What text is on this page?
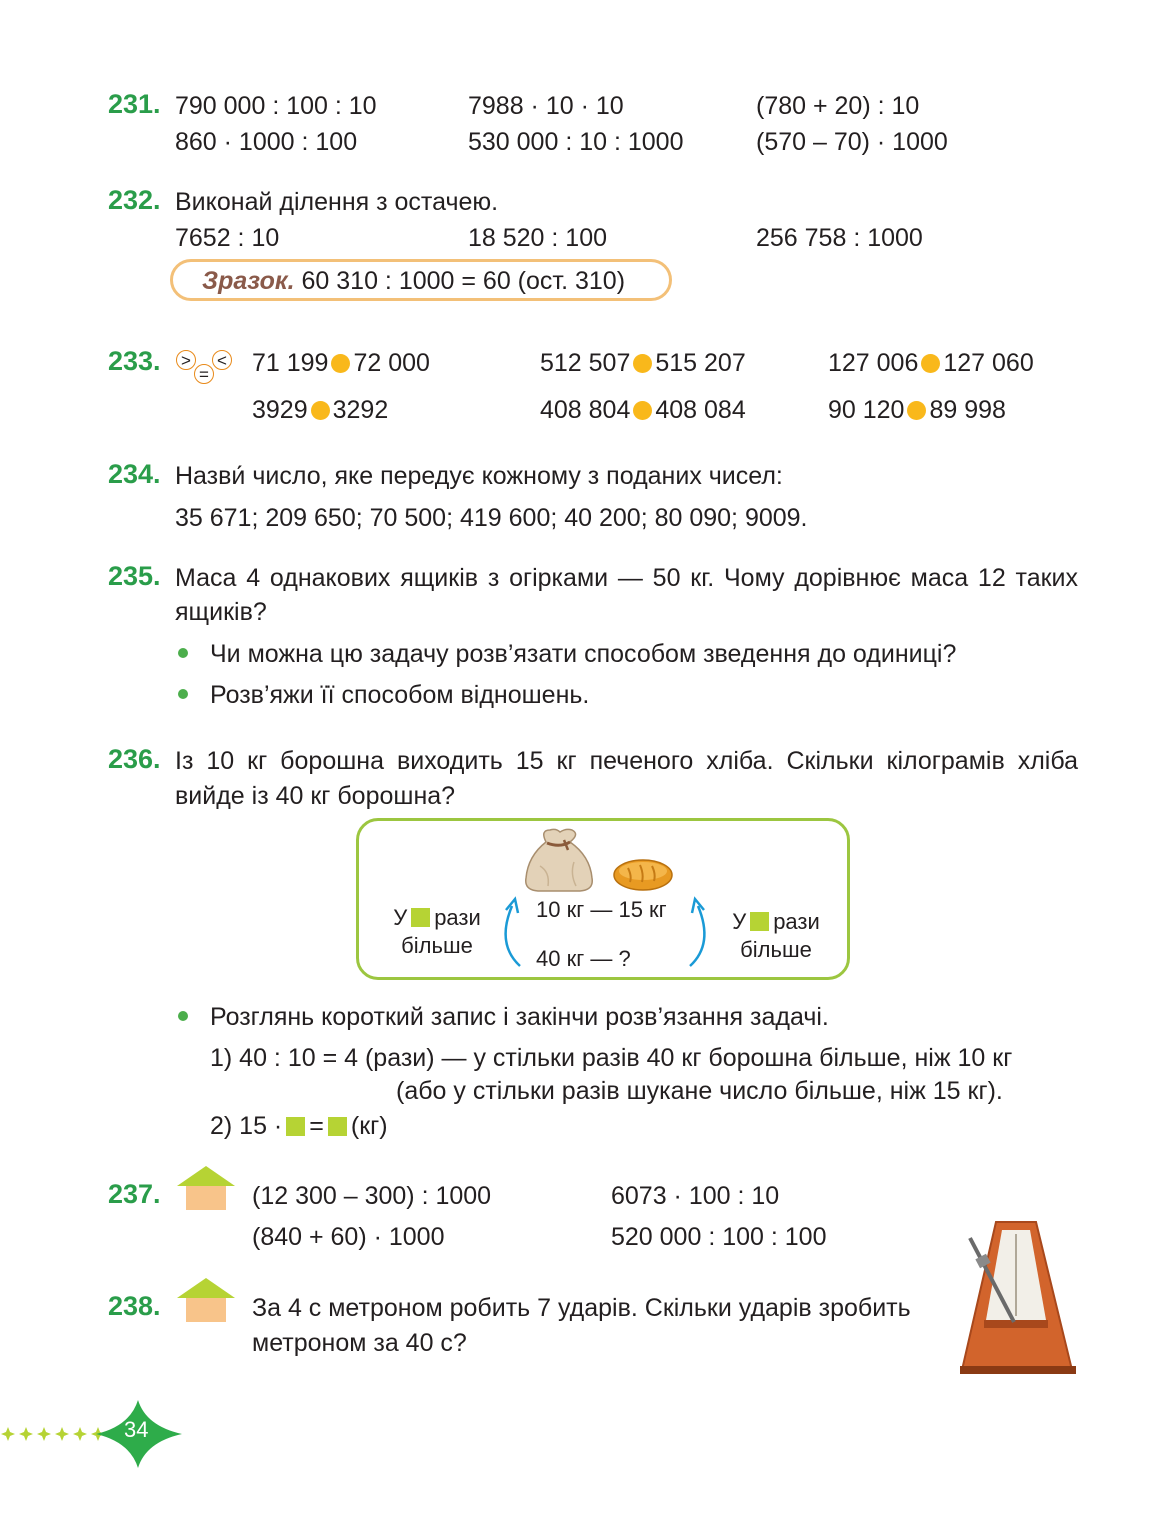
231. 790 000 : 100 : 10	7988 · 10 · 10	(780 + 20) : 10
860 · 1000 : 100	530 000 : 10 : 1000	(570 – 70) · 1000
232. Виконай ділення з остачею.
7652 : 10	18 520 : 100	256 758 : 1000
Зразок. 60 310 : 1000 = 60 (ост. 310)
233. >
=
< 71 199 72 000	512 507 515 207	127 006 127 060
3929 3292	408 804 408 084	90 120 89 998
234. Назви́ число, яке передує кожному з поданих чисел:
35 671; 209 650; 70 500; 419 600; 40 200; 80 090; 9009.
235. Маса 4 однакових ящиків з огірками — 50 кг. Чому дорівнює маса 12 таких
ящиків?
Чи можна цю задачу розв’язати способом зведення до одиниці?
Розв’яжи її способом відношень.
236. Із 10 кг борошна виходить 15 кг печеного хліба. Скільки кілограмів хліба
вийде із 40 кг борошна?
10 кг — 15 кг
40 кг — ?
У рази
більше
У рази
більше
Розглянь короткий запис і закінчи розв’язання задачі.
1) 40 : 10 = 4 (рази) — у стільки разів 40 кг борошна більше, ніж 10 кг
(або у стільки разів шукане число більше, ніж 15 кг).
2) 15 · = (кг)
237.	(12 300 – 300) : 1000	6073 · 100 : 10
(840 + 60) · 1000	520 000 : 100 : 100
238.	За 4 с метроном робить 7 ударів. Скільки ударів зробить
метроном за 40 с?
34
